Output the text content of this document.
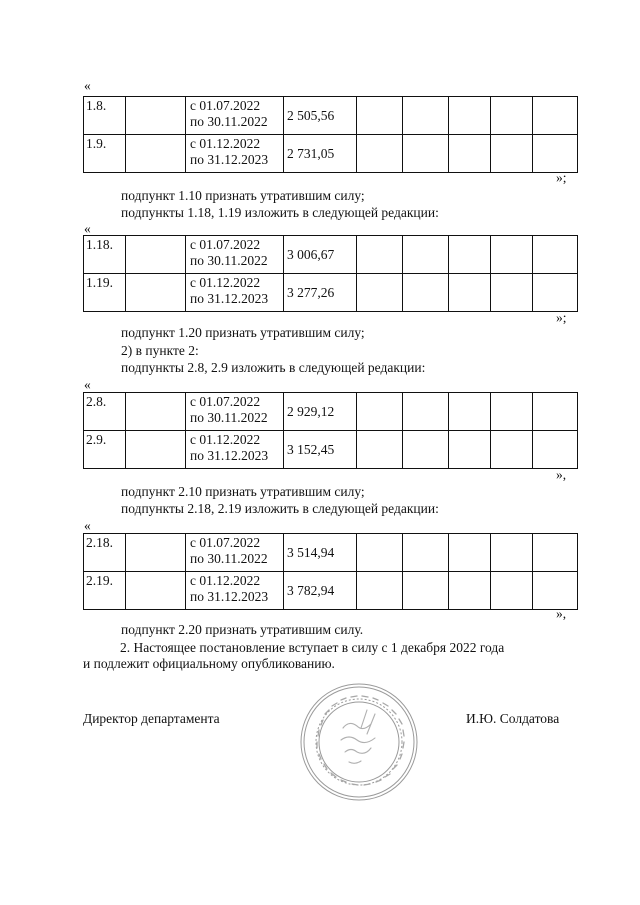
«
1.8.		с 01.07.2022
по 30.11.2022	2 505,56					
1.9.		с 01.12.2022
по 31.12.2023	2 731,05					
»;
подпункт 1.10 признать утратившим силу;
подпункты 1.18, 1.19 изложить в следующей редакции:
«
1.18.		с 01.07.2022
по 30.11.2022	3 006,67					
1.19.		с 01.12.2022
по 31.12.2023	3 277,26					
»;
подпункт 1.20 признать утратившим силу;
2) в пункте 2:
подпункты 2.8, 2.9 изложить в следующей редакции:
«
2.8.		с 01.07.2022
по 30.11.2022	2 929,12					
2.9.		с 01.12.2022
по 31.12.2023	3 152,45					
»,
подпункт 2.10 признать утратившим силу;
подпункты 2.18, 2.19 изложить в следующей редакции:
«
2.18.		с 01.07.2022
по 30.11.2022	3 514,94					
2.19.		с 01.12.2022
по 31.12.2023	3 782,94					
»,
подпункт 2.20 признать утратившим силу.
2. Настоящее постановление вступает в силу с 1 декабря 2022 года
и подлежит официальному опубликованию.
Директор департамента	И.Ю. Солдатова
